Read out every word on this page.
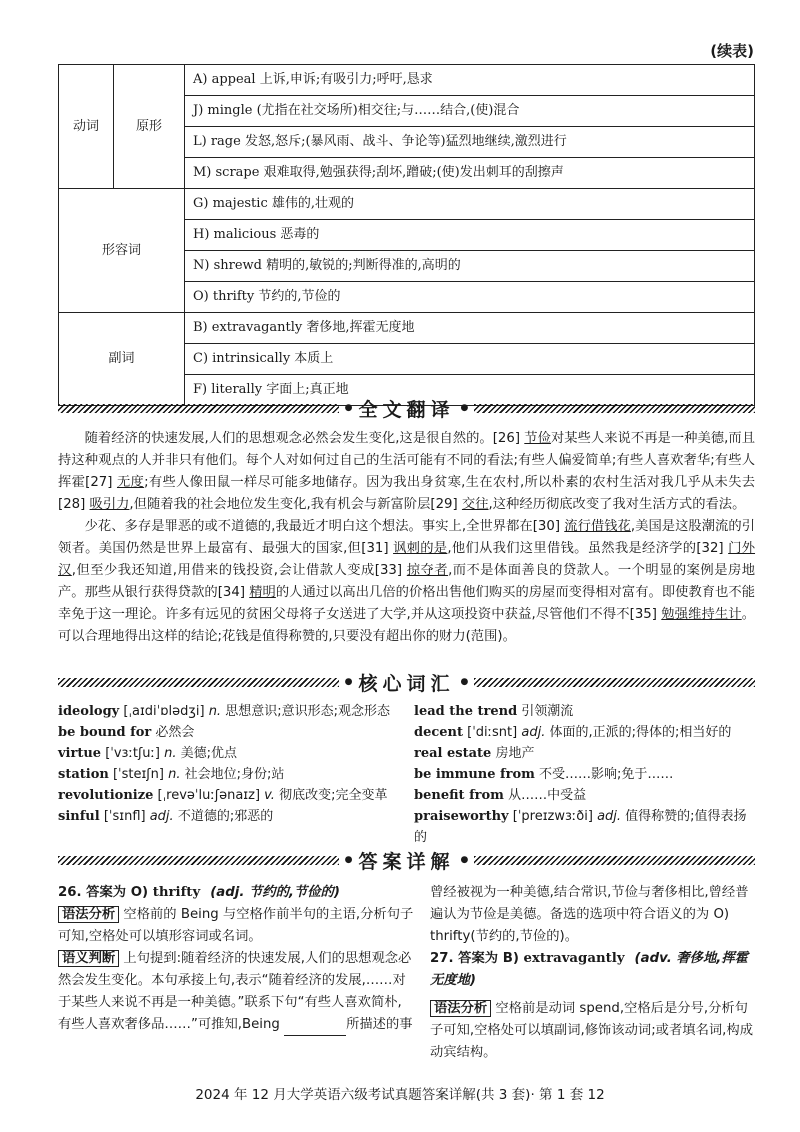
(续表)
动词	原形	A) appeal 上诉,申诉;有吸引力;呼吁,恳求
		J) mingle (尤指在社交场所)相交往;与……结合,(使)混合
		L) rage 发怒,怒斥;(暴风雨、战斗、争论等)猛烈地继续,激烈进行
		M) scrape 艰难取得,勉强获得;刮坏,蹭破;(使)发出刺耳的刮擦声
形容词		G) majestic 雄伟的,壮观的
		H) malicious 恶毒的
		N) shrewd 精明的,敏锐的;判断得准的,高明的
		O) thrifty 节约的,节俭的
副词		B) extravagantly 奢侈地,挥霍无度地
		C) intrinsically 本质上
		F) literally 字面上;真正地
● 全文翻译 ●

随着经济的快速发展,人们的思想观念必然会发生变化,这是很自然的。[26] 节俭对某些人来说不再是一种美德,而且持这种观点的人并非只有他们。每个人对如何过自己的生活可能有不同的看法;有些人偏爱简单;有些人喜欢奢华;有些人挥霍[27] 无度;有些人像田鼠一样尽可能多地储存。因为我出身贫寒,生在农村,所以朴素的农村生活对我几乎从未失去[28] 吸引力,但随着我的社会地位发生变化,我有机会与新富阶层[29] 交往,这种经历彻底改变了我对生活方式的看法。

少花、多存是罪恶的或不道德的,我最近才明白这个想法。事实上,全世界都在[30] 流行借钱花,美国是这股潮流的引领者。美国仍然是世界上最富有、最强大的国家,但[31] 讽刺的是,他们从我们这里借钱。虽然我是经济学的[32] 门外汉,但至少我还知道,用借来的钱投资,会让借款人变成[33] 掠夺者,而不是体面善良的贷款人。一个明显的案例是房地产。那些从银行获得贷款的[34] 精明的人通过以高出几倍的价格出售他们购买的房屋而变得相对富有。即使教育也不能幸免于这一理论。许多有远见的贫困父母将子女送进了大学,并从这项投资中获益,尽管他们不得不[35] 勉强维持生计。可以合理地得出这样的结论;花钱是值得称赞的,只要没有超出你的财力(范围)。

● 核心词汇 ●

ideology [ˌaɪdiˈɒlədʒi] n. 思想意识;意识形态;观念形态

be bound for 必然会

virtue [ˈvɜːtʃuː] n. 美德;优点

station [ˈsteɪʃn] n. 社会地位;身份;站

revolutionize [ˌrevəˈluːʃənaɪz] v. 彻底改变;完全变革

sinful [ˈsɪnfl] adj. 不道德的;邪恶的

lead the trend 引领潮流

decent [ˈdiːsnt] adj. 体面的,正派的;得体的;相当好的

real estate 房地产

be immune from 不受……影响;免于……

benefit from 从……中受益

praiseworthy [ˈpreɪzwɜːði] adj. 值得称赞的;值得表扬的

● 答案详解 ●

26. 答案为 O) thrifty (adj. 节约的,节俭的)

语法分析 空格前的 Being 与空格作前半句的主语,分析句子可知,空格处可以填形容词或名词。

语义判断 上句提到:随着经济的快速发展,人们的思想观念必然会发生变化。本句承接上句,表示“随着经济的发展,……对于某些人来说不再是一种美德。”联系下句“有些人喜欢简朴,有些人喜欢奢侈品……”可推知,Being	所描述的事

曾经被视为一种美德,结合常识,节俭与奢侈相比,曾经普遍认为节俭是美德。备选的选项中符合语义的为 O) thrifty(节约的,节俭的)。

27. 答案为 B) extravagantly (adv. 奢侈地,挥霍无度地)

语法分析 空格前是动词 spend,空格后是分号,分析句子可知,空格处可以填副词,修饰该动词;或者填名词,构成动宾结构。

2024 年 12 月大学英语六级考试真题答案详解(共 3 套)· 第 1 套 12
